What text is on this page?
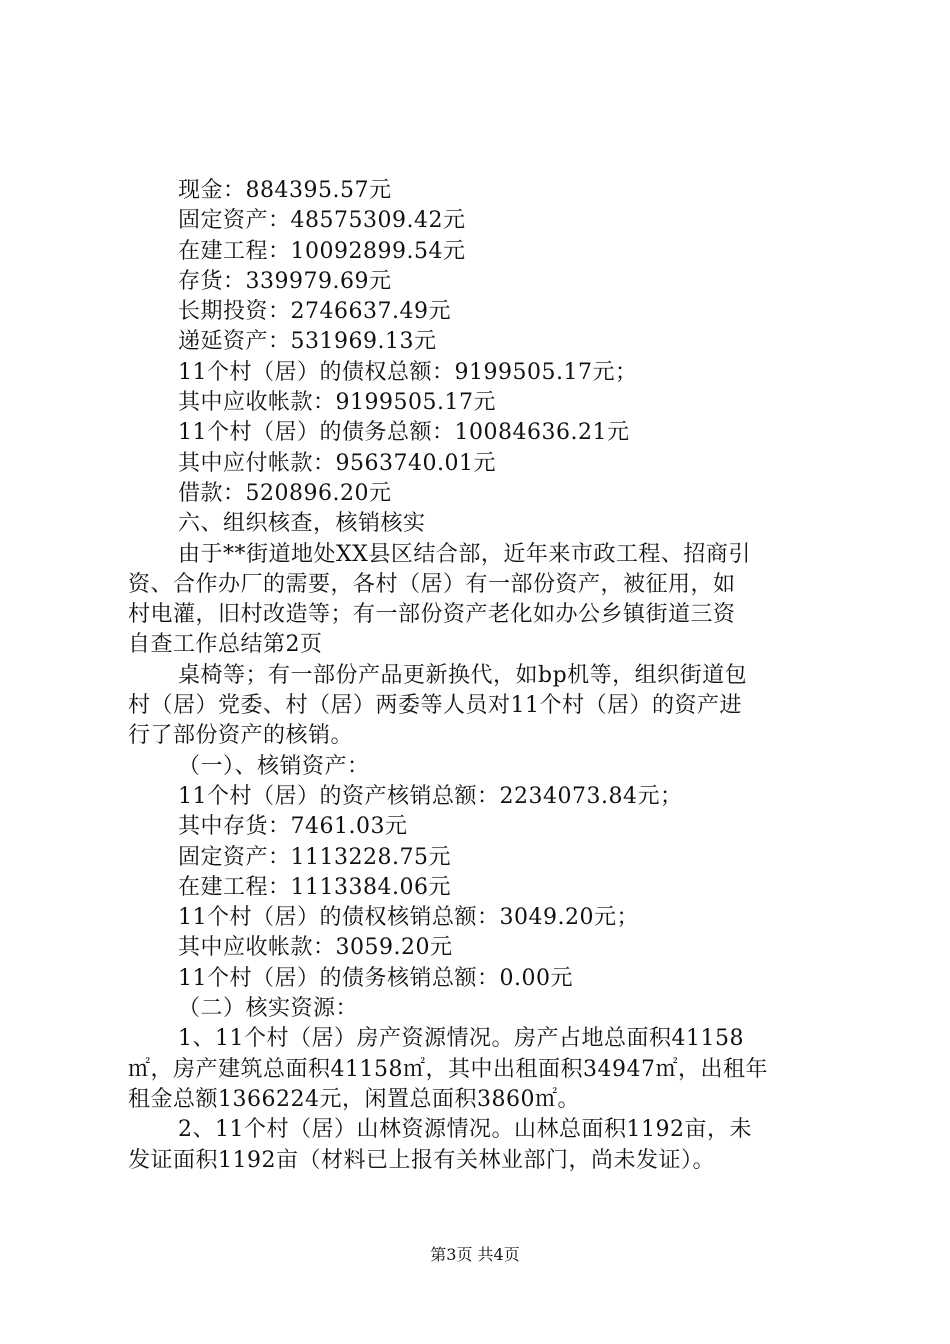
现金：884395.57元
固定资产：48575309.42元
在建工程：10092899.54元
存货：339979.69元
长期投资：2746637.49元
递延资产：531969.13元
11个村（居）的债权总额：9199505.17元；
其中应收帐款：9199505.17元
11个村（居）的债务总额：10084636.21元
其中应付帐款：9563740.01元
借款：520896.20元
六、组织核查，核销核实
由于**街道地处XX县区结合部，近年来市政工程、招商引
资、合作办厂的需要，各村（居）有一部份资产，被征用，如
村电灌，旧村改造等；有一部份资产老化如办公乡镇街道三资
自查工作总结第2页
桌椅等；有一部份产品更新换代，如bp机等，组织街道包
村（居）党委、村（居）两委等人员对11个村（居）的资产进
行了部份资产的核销。
（一）、核销资产：
11个村（居）的资产核销总额：2234073.84元；
其中存货：7461.03元
固定资产：1113228.75元
在建工程：1113384.06元
11个村（居）的债权核销总额：3049.20元；
其中应收帐款：3059.20元
11个村（居）的债务核销总额：0.00元
（二）核实资源：
1、11个村（居）房产资源情况。房产占地总面积41158
㎡，房产建筑总面积41158㎡，其中出租面积34947㎡，出租年
租金总额1366224元，闲置总面积3860㎡。
2、11个村（居）山林资源情况。山林总面积1192亩，未
发证面积1192亩（材料已上报有关林业部门，尚未发证）。
第3页 共4页
